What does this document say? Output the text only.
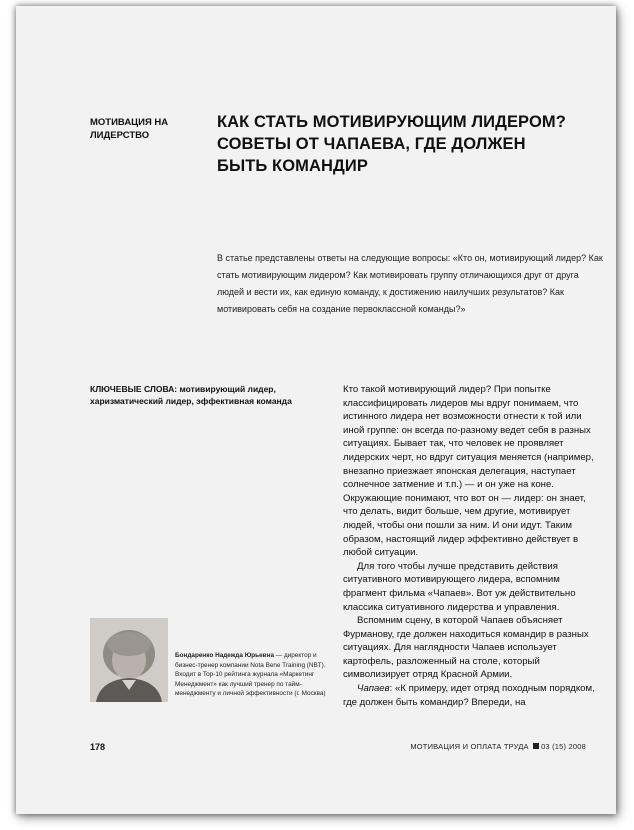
МОТИВАЦИЯ НА ЛИДЕРСТВО
КАК СТАТЬ МОТИВИРУЮЩИМ ЛИДЕРОМ? СОВЕТЫ ОТ ЧАПАЕВА, ГДЕ ДОЛЖЕН БЫТЬ КОМАНДИР
В статье представлены ответы на следующие вопросы: «Кто он, мотивирующий лидер? Как стать мотивирующим лидером? Как мотивировать группу отличающихся друг от друга людей и вести их, как единую команду, к достижению наилучших результатов? Как мотивировать себя на создание первоклассной команды?»
КЛЮЧЕВЫЕ СЛОВА: мотивирующий лидер, харизматический лидер, эффективная команда

Кто такой мотивирующий лидер? При попытке классифицировать лидеров мы вдруг понимаем, что истинного лидера нет возможности отнести к той или иной группе: он всегда по-разному ведет себя в разных ситуациях. Бывает так, что человек не проявляет лидерских черт, но вдруг ситуация меняется (например, внезапно приезжает японская делегация, наступает солнечное затмение и т.п.) — и он уже на коне. Окружающие понимают, что вот он — лидер: он знает, что делать, видит больше, чем другие, мотивирует людей, чтобы они пошли за ним. И они идут. Таким образом, настоящий лидер эффективно действует в любой ситуации.

Для того чтобы лучше представить действия ситуативного мотивирующего лидера, вспомним фрагмент фильма «Чапаев». Вот уж действительно классика ситуативного лидерства и управления.

Вспомним сцену, в которой Чапаев объясняет Фурманову, где должен находиться командир в разных ситуациях. Для наглядности Чапаев использует картофель, разложенный на столе, который символизирует отряд Красной Армии.

Чапаев: «К примеру, идет отряд походным порядком, где должен быть командир? Впереди, на

Бондаренко Надежда Юрьевна — директор и бизнес-тренер компании Nota Bene Training (NBT). Входит в Top-10 рейтинга журнала «Маркетинг Менеджмент» как лучший тренер по тайм-менеджменту и личной эффективности (г. Москва)
178	МОТИВАЦИЯ И ОПЛАТА ТРУДА 03 (15) 2008
